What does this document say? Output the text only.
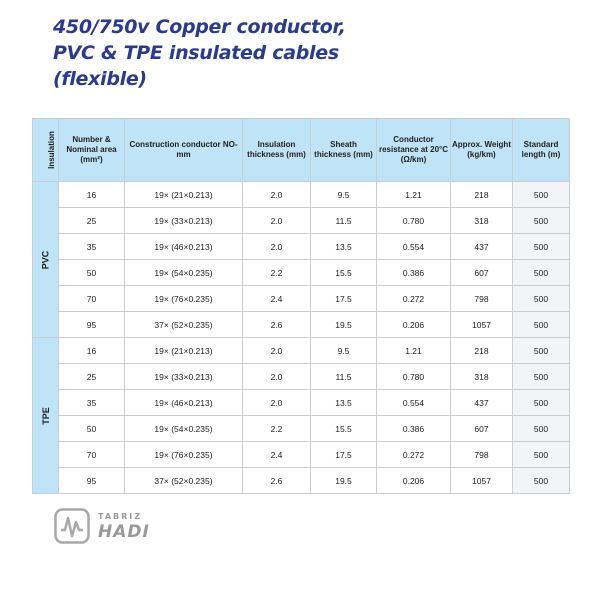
450/750v Copper conductor,
PVC & TPE insulated cables
(flexible)
Insulation	Number & Nominal area (mm²)	Construction conductor NO-mm	Insulation thickness (mm)	Sheath thickness (mm)	Conductor resistance at 20°C (Ω/km)	Approx. Weight (kg/km)	Standard length (m)
PVC	16	19× (21×0.213)	2.0	9.5	1.21	218	500
	25	19× (33×0.213)	2.0	11.5	0.780	318	500
	35	19× (46×0.213)	2.0	13.5	0.554	437	500
	50	19× (54×0.235)	2.2	15.5	0.386	607	500
	70	19× (76×0.235)	2.4	17.5	0.272	798	500
	95	37× (52×0.235)	2.6	19.5	0.206	1057	500
TPE	16	19× (21×0.213)	2.0	9.5	1.21	218	500
	25	19× (33×0.213)	2.0	11.5	0.780	318	500
	35	19× (46×0.213)	2.0	13.5	0.554	437	500
	50	19× (54×0.235)	2.2	15.5	0.386	607	500
	70	19× (76×0.235)	2.4	17.5	0.272	798	500
	95	37× (52×0.235)	2.6	19.5	0.206	1057	500
TABRIZ
HADI
